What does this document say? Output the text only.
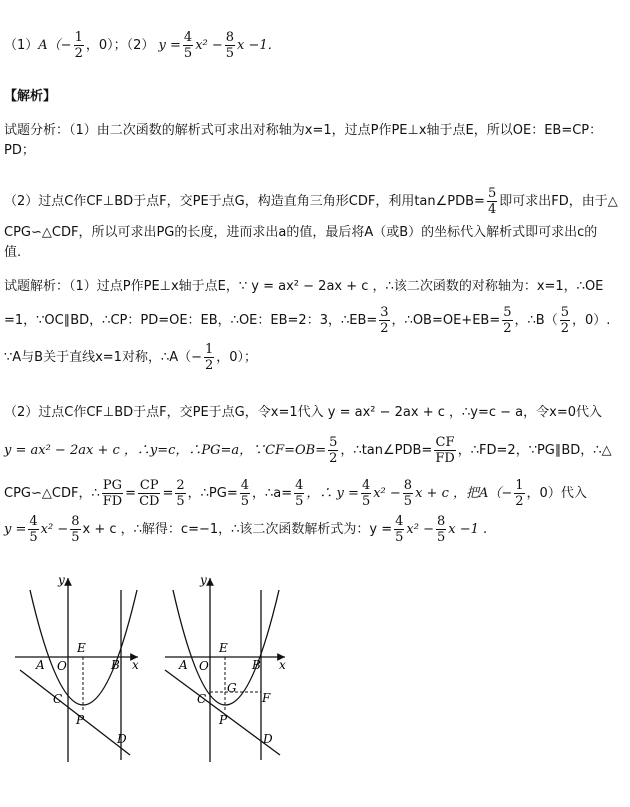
$(1)A(- \frac{1}{2}$ ，0）；（2） $y = \frac{4}{5} x^2 - \frac{8}{5}$ x −1．
【解析】
试题分析：（1）由二次函数的解析式可求出对称轴为x=1，过点P作PE⊥x轴于点E，所以OE：EB=CP：
PD；
（2）过点C作CF⊥BD于点F，交PE于点G，构造直角三角形CDF，利用tan∠PDB= $\frac{5}{4}$ 即可求出FD，由于△
CPG∽△CDF，所以可求出PG的长度，进而求出a的值，最后将A（或B）的坐标代入解析式即可求出c的
值.
试题解析：（1）过点P作PE⊥x轴于点E，∵ y = ax² − 2ax + c ，∴该二次函数的对称轴为：x=1，∴OE
=1，∵OC∥BD，∴CP：PD=OE：EB，∴OE：EB=2：3，∴EB= $\frac{3}{2}$ ，∴OB=OE+EB= $\frac{5}{2}$ ，∴B（ $\frac{5}{2}$ ，0）.
∵A与B关于直线x=1对称，∴A（− $\frac{1}{2}$ ，0）；
（2）过点C作CF⊥BD于点F，交PE于点G，令x=1代入 y = ax² − 2ax + c ，∴y=c − a，令x=0代入
y = ax² − 2ax + c ，∴y=c，∴PG=a，∵CF=OB= $\frac{5}{2}$ ，∴tan∠PDB= $\frac{CF}{FD}$ ，∴FD=2，∵PG∥BD，∴△
CPG∽△CDF，∴ $\frac{PG}{FD} = \frac{CP}{CD} = \frac{2}{5}$ ，∴PG= $\frac{4}{5}$ ，∴a= $\frac{4}{5}$ ，∴ $y = \frac{4}{5} x^2 - \frac{8}{5}$ x + c ，把$A(- \frac{1}{2}$ ，0）代入
$y = \frac{4}{5} x^2 - \frac{8}{5}$ x + c ，∴解得：c=−1，∴该二次函数解析式为：$y = \frac{4}{5} x^2 - \frac{8}{5}$ x −1 .
y
x
E
A O	B
C
P
D
y
x
E
A O	B
C
G
F
P
D
